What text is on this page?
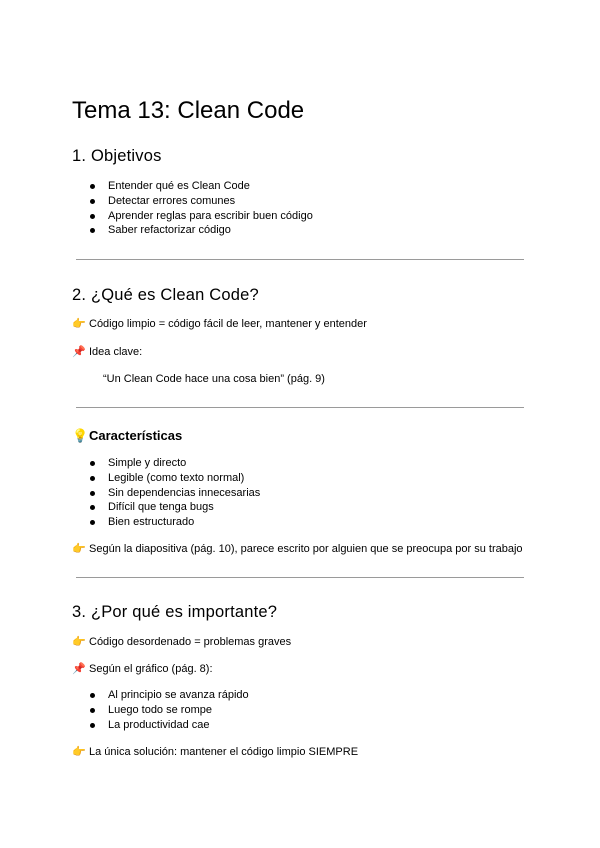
Tema 13: Clean Code
1. Objetivos
Entender qué es Clean Code
Detectar errores comunes
Aprender reglas para escribir buen código
Saber refactorizar código
2. ¿Qué es Clean Code?

👉 Código limpio = código fácil de leer, mantener y entender

📌 Idea clave:

“Un Clean Code hace una cosa bien” (pág. 9)

💡Características
Simple y directo
Legible (como texto normal)
Sin dependencias innecesarias
Difícil que tenga bugs
Bien estructurado

👉 Según la diapositiva (pág. 10), parece escrito por alguien que se preocupa por su trabajo

3. ¿Por qué es importante?

👉 Código desordenado = problemas graves

📌 Según el gráfico (pág. 8):

Al principio se avanza rápido
Luego todo se rompe
La productividad cae

👉 La única solución: mantener el código limpio SIEMPRE
